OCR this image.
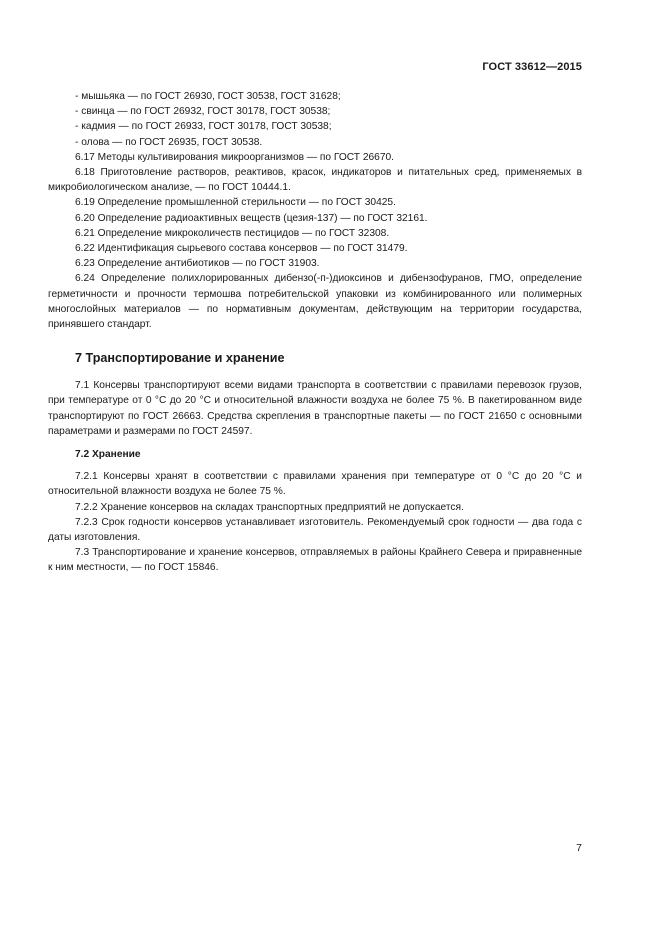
ГОСТ 33612—2015

- мышьяка — по ГОСТ 26930, ГОСТ 30538, ГОСТ 31628;

- свинца — по ГОСТ 26932, ГОСТ 30178, ГОСТ 30538;

- кадмия — по ГОСТ 26933, ГОСТ 30178, ГОСТ 30538;

- олова — по ГОСТ 26935, ГОСТ 30538.

6.17 Методы культивирования микроорганизмов — по ГОСТ 26670.

6.18 Приготовление растворов, реактивов, красок, индикаторов и питательных сред, применяемых в микробиологическом анализе, — по ГОСТ 10444.1.

6.19 Определение промышленной стерильности — по ГОСТ 30425.

6.20 Определение радиоактивных веществ (цезия-137) — по ГОСТ 32161.

6.21 Определение микроколичеств пестицидов — по ГОСТ 32308.

6.22 Идентификация сырьевого состава консервов — по ГОСТ 31479.

6.23 Определение антибиотиков — по ГОСТ 31903.

6.24 Определение полихлорированных дибензо(-п-)диоксинов и дибензофуранов, ГМО, определение герметичности и прочности термошва потребительской упаковки из комбинированного или полимерных многослойных материалов — по нормативным документам, действующим на территории государства, принявшего стандарт.

7 Транспортирование и хранение

7.1 Консервы транспортируют всеми видами транспорта в соответствии с правилами перевозок грузов, при температуре от 0 °С до 20 °С и относительной влажности воздуха не более 75 %. В пакетированном виде транспортируют по ГОСТ 26663. Средства скрепления в транспортные пакеты — по ГОСТ 21650 с основными параметрами и размерами по ГОСТ 24597.

7.2 Хранение

7.2.1 Консервы хранят в соответствии с правилами хранения при температуре от 0 °С до 20 °С и относительной влажности воздуха не более 75 %.

7.2.2 Хранение консервов на складах транспортных предприятий не допускается.

7.2.3 Срок годности консервов устанавливает изготовитель. Рекомендуемый срок годности — два года с даты изготовления.

7.3 Транспортирование и хранение консервов, отправляемых в районы Крайнего Севера и приравненные к ним местности, — по ГОСТ 15846.

7
